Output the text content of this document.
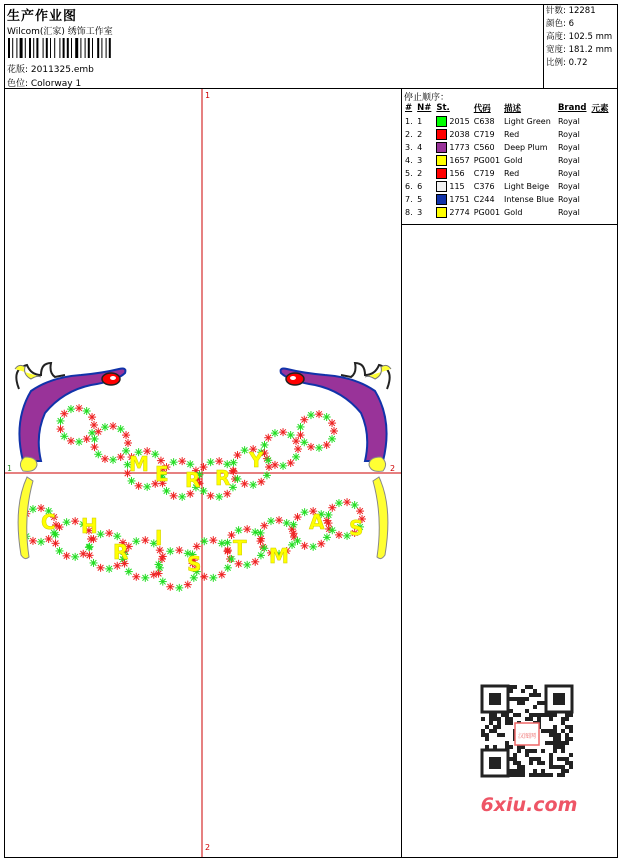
生产作业图
Wilcom(汇家) 绣饰工作室
花版: 2011325.emb
色位: Colorway 1
针数: 12281
颜色: 6
高度: 102.5 mm
宽度: 181.2 mm
比例: 0.72
M E R R
Y
C H
R
I
S
T M
A S
1
2
1	2
停止顺序：
#	N#	St.	代码	描述	Brand	元素
1.	1	2015	C638	Light Green	Royal	
2.	2	2038	C719	Red	Royal	
3.	4	1773	C560	Deep Plum	Royal	
4.	3	1657	PG001	Gold	Royal	
5.	2	156	C719	Red	Royal	
6.	6	115	C376	Light Beige	Royal	
7.	5	1751	C244	Intense Blue	Royal	
8.	3	2774	PG001	Gold	Royal	
汉图网
6xiu.com
